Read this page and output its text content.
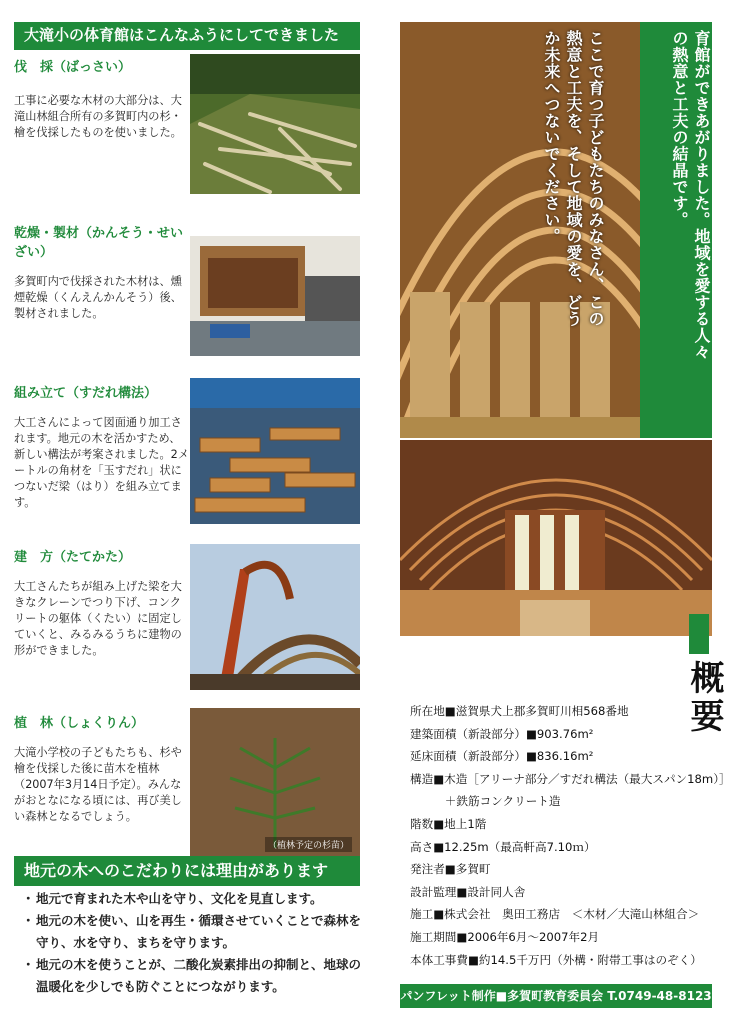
大滝小の体育館はこんなふうにしてできました
伐　採（ばっさい）
工事に必要な木材の大部分は、大滝山林組合所有の多賀町内の杉・檜を伐採したものを使いました。
乾燥・製材（かんそう・せいざい）
多賀町内で伐採された木材は、燻煙乾燥（くんえんかんそう）後、製材されました。
組み立て（すだれ構法）
大工さんによって図面通り加工されます。地元の木を活かすため、新しい構法が考案されました。2メートルの角材を「玉すだれ」状につないだ梁（はり）を組み立てます。
建　方（たてかた）
大工さんたちが組み上げた梁を大きなクレーンでつり下げ、コンクリートの躯体（くたい）に固定していくと、みるみるうちに建物の形ができました。
植　林（しょくりん）
大滝小学校の子どもたちも、杉や檜を伐採した後に苗木を植林（2007年3月14日予定）。みんながおとなになる頃には、再び美しい森林となるでしょう。
（植林予定の杉苗）
地元の木へのこだわりには理由があります
・ 地元で育まれた木や山を守り、文化を見直します。
・ 地元の木を使い、山を再生・循環させていくことで森林を守り、水を守り、まちを守ります。
・ 地元の木を使うことが、二酸化炭素排出の抑制と、地球の温暖化を少しでも防ぐことにつながります。
多賀町の山の木をふんだんに使い、立派な体育館ができあがりました。地域を愛する人々の熱意と工夫の結晶です。
ここで育つ子どもたちのみなさん、この熱意と工夫を、そして地域の愛を、どうか未来へつないでください。
概要
所在地■滋賀県犬上郡多賀町川相568番地
建築面積（新設部分）■903.76m²
延床面積（新設部分）■836.16m²
構造■木造［アリーナ部分／すだれ構法（最大スパン18m）］
　　　＋鉄筋コンクリート造
階数■地上1階
高さ■12.25m（最高軒高7.10ｍ）
発注者■多賀町
設計監理■設計同人舎
施工■株式会社　奥田工務店　＜木材／大滝山林組合＞
施工期間■2006年6月〜2007年2月
本体工事費■約14.5千万円（外構・附帯工事はのぞく）
パンフレット制作■多賀町教育委員会 T.0749-48-8123
